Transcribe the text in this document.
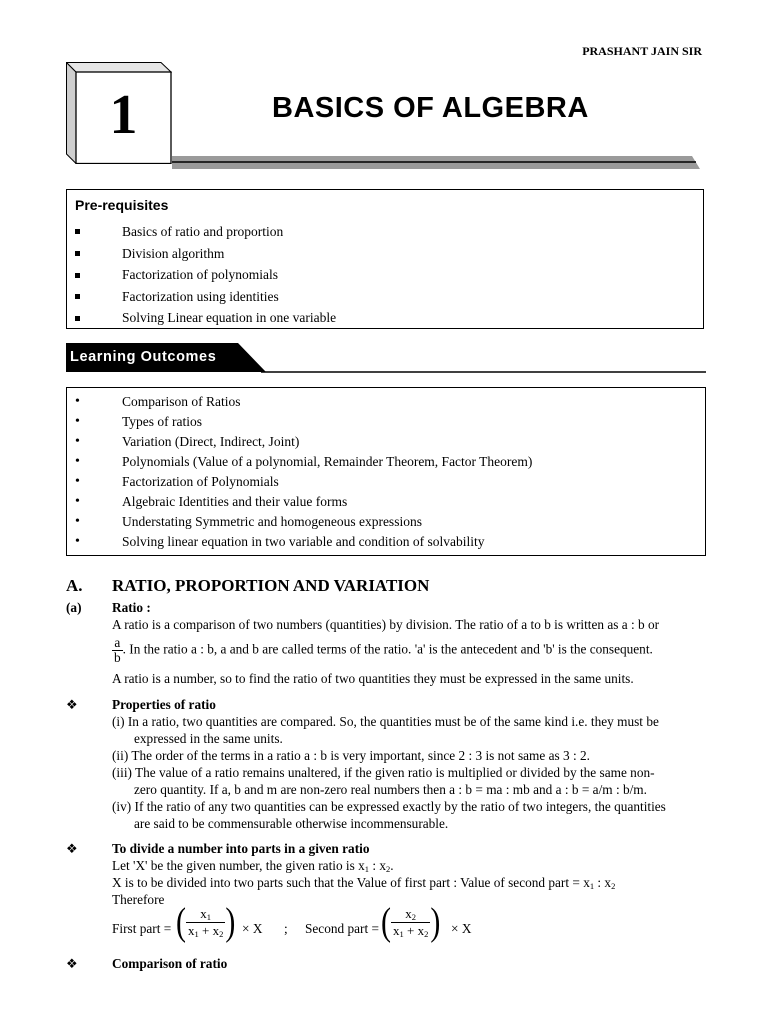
PRASHANT JAIN SIR
1	BASICS OF ALGEBRA
Pre-requisites
Basics of ratio and proportion
Division algorithm
Factorization of polynomials
Factorization using identities
Solving Linear equation in one variable
Learning Outcomes
•	Comparison of Ratios
•	Types of ratios
•	Variation (Direct, Indirect, Joint)
•	Polynomials (Value of a polynomial, Remainder Theorem, Factor Theorem)
•	Factorization of Polynomials
•	Algebraic Identities and their value forms
•	Understating Symmetric and homogeneous expressions
•	Solving linear equation in two variable and condition of solvability
A. RATIO, PROPORTION AND VARIATION
(a) Ratio :
A ratio is a comparison of two numbers (quantities) by division. The ratio of a to b is written as a : b or
$\frac{a}{b}$ . In the ratio a : b, a and b are called terms of the ratio. 'a' is the antecedent and 'b' is the consequent.
A ratio is a number, so to find the ratio of two quantities they must be expressed in the same units.
❖	Properties of ratio
(i) In a ratio, two quantities are compared. So, the quantities must be of the same kind i.e. they must be
expressed in the same units.
(ii) The order of the terms in a ratio a : b is very important, since 2 : 3 is not same as 3 : 2.
(iii) The value of a ratio remains unaltered, if the given ratio is multiplied or divided by the same non-
zero quantity. If a, b and m are non-zero real numbers then a : b = ma : mb and a : b = a/m : b/m.
(iv) If the ratio of any two quantities can be expressed exactly by the ratio of two integers, the quantities
are said to be commensurable otherwise incommensurable.
❖	To divide a number into parts in a given ratio
Let 'X' be the given number, the given ratio is $x_1$ : $x_2$.
X is to be divided into two parts such that the Value of first part : Value of second part = $x_1$ : $x_2$
Therefore
First part = ( $\frac{x_1}{x_1 + x_2}$ ) × X ; Second part = ( $\frac{x_2}{x_1 + x_2}$ ) × X
❖	Comparison of ratio
